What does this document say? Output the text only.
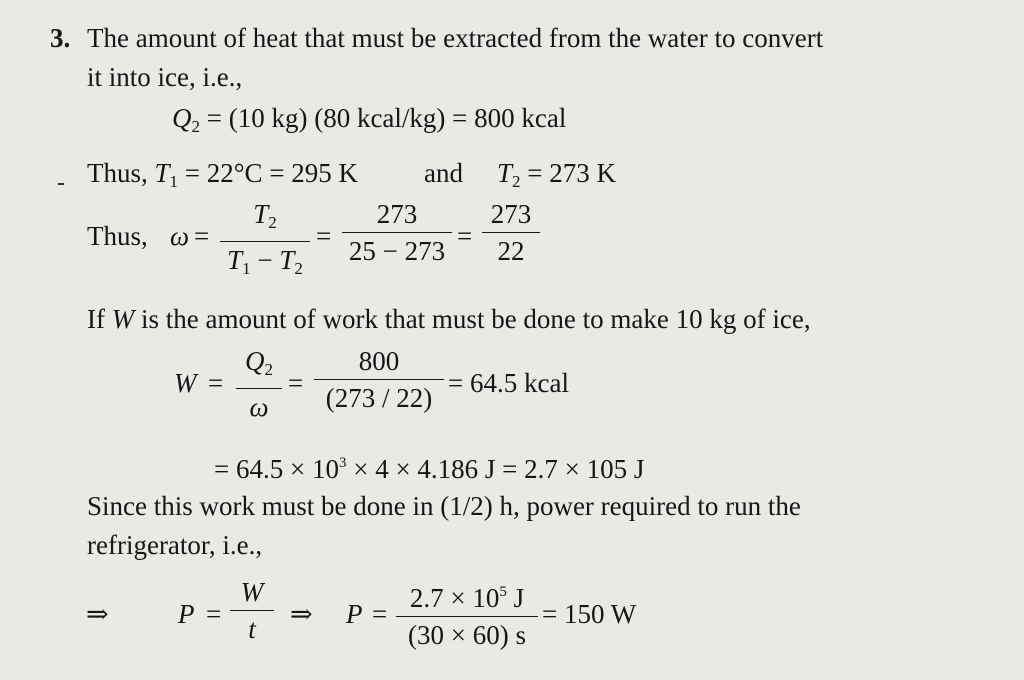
3. The amount of heat that must be extracted from the water to convert
it into ice, i.e.,
$Q_2 = (10$ kg) (80 kcal/kg) = 800 kcal
Thus, $T_1 = 22^\circ C = 295$ K and $T_2 = 273$ K
Thus, ω =
$T_2$
$T_1 - T_2$
=
273
25 − 273 =
273
22
If W is the amount of work that must be done to make 10 kg of ice,
W =
$Q_2$
ω
=
800
(273 / 22) = 64.5 kcal
= $64.5 \times 10^3 \times 4 \times 4.186$ J = 2.7 × 105 J
Since this work must be done in (1/2) h, power required to run the
refrigerator, i.e.,
⇒	P =
W
t	⇒ P =
$2.7 \times 10^5$ J
(30 × 60) s
= 150 W
